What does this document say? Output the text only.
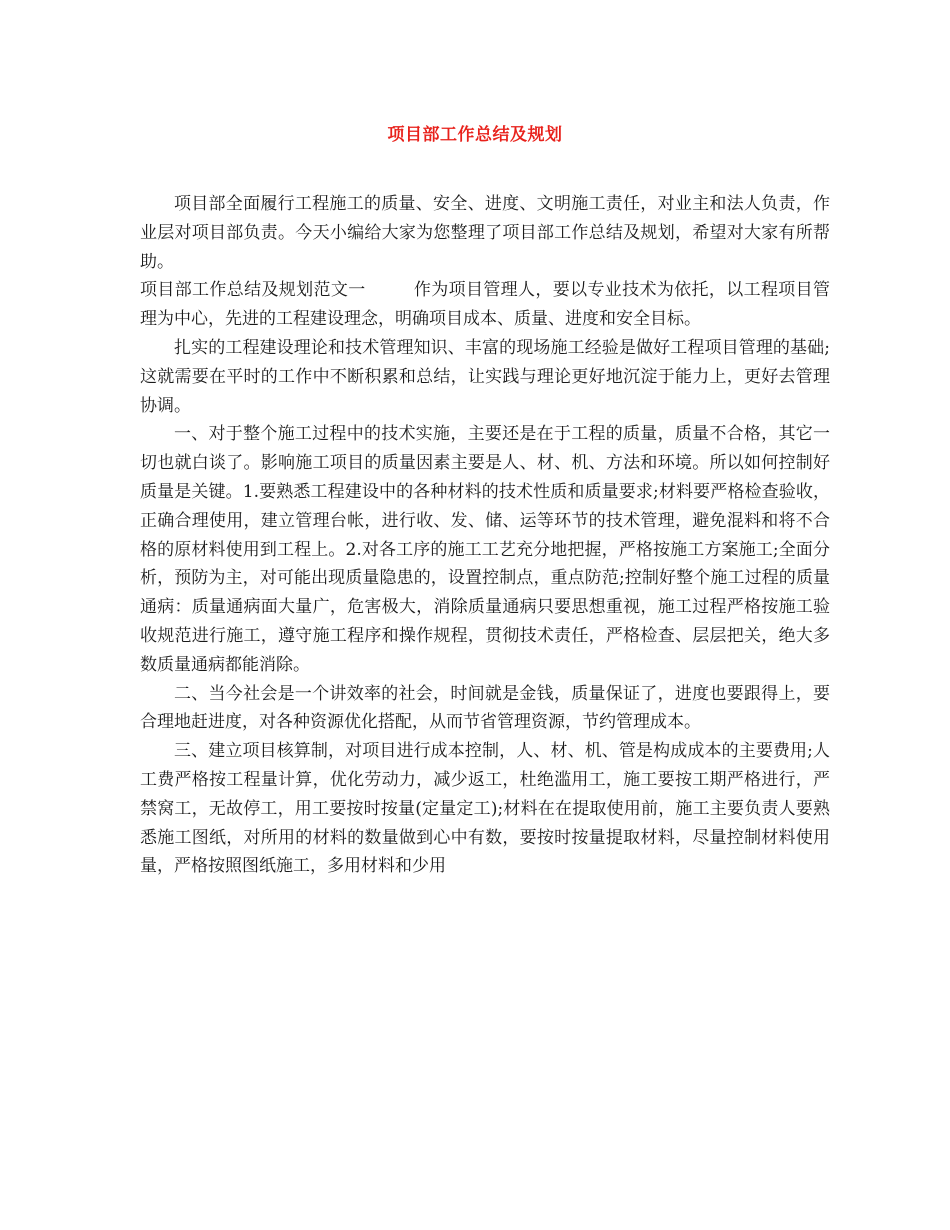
项目部工作总结及规划

项目部全面履行工程施工的质量、安全、进度、文明施工责任，对业主和法人负责，作业层对项目部负责。今天小编给大家为您整理了项目部工作总结及规划，希望对大家有所帮助。

项目部工作总结及规划范文一	作为项目管理人，要以专业技术为依托，以工程项目管理为中心，先进的工程建设理念，明确项目成本、质量、进度和安全目标。

扎实的工程建设理论和技术管理知识、丰富的现场施工经验是做好工程项目管理的基础;这就需要在平时的工作中不断积累和总结，让实践与理论更好地沉淀于能力上，更好去管理协调。

一、对于整个施工过程中的技术实施，主要还是在于工程的质量，质量不合格，其它一切也就白谈了。影响施工项目的质量因素主要是人、材、机、方法和环境。所以如何控制好质量是关键。1.要熟悉工程建设中的各种材料的技术性质和质量要求;材料要严格检查验收，正确合理使用，建立管理台帐，进行收、发、储、运等环节的技术管理，避免混料和将不合格的原材料使用到工程上。2.对各工序的施工工艺充分地把握，严格按施工方案施工;全面分析，预防为主，对可能出现质量隐患的，设置控制点，重点防范;控制好整个施工过程的质量通病：质量通病面大量广，危害极大，消除质量通病只要思想重视，施工过程严格按施工验收规范进行施工，遵守施工程序和操作规程，贯彻技术责任，严格检查、层层把关，绝大多数质量通病都能消除。

二、当今社会是一个讲效率的社会，时间就是金钱，质量保证了，进度也要跟得上，要合理地赶进度，对各种资源优化搭配，从而节省管理资源，节约管理成本。

三、建立项目核算制，对项目进行成本控制，人、材、机、管是构成成本的主要费用;人工费严格按工程量计算，优化劳动力，减少返工，杜绝滥用工，施工要按工期严格进行，严禁窝工，无故停工，用工要按时按量(定量定工);材料在在提取使用前，施工主要负责人要熟悉施工图纸，对所用的材料的数量做到心中有数，要按时按量提取材料，尽量控制材料使用量，严格按照图纸施工，多用材料和少用
